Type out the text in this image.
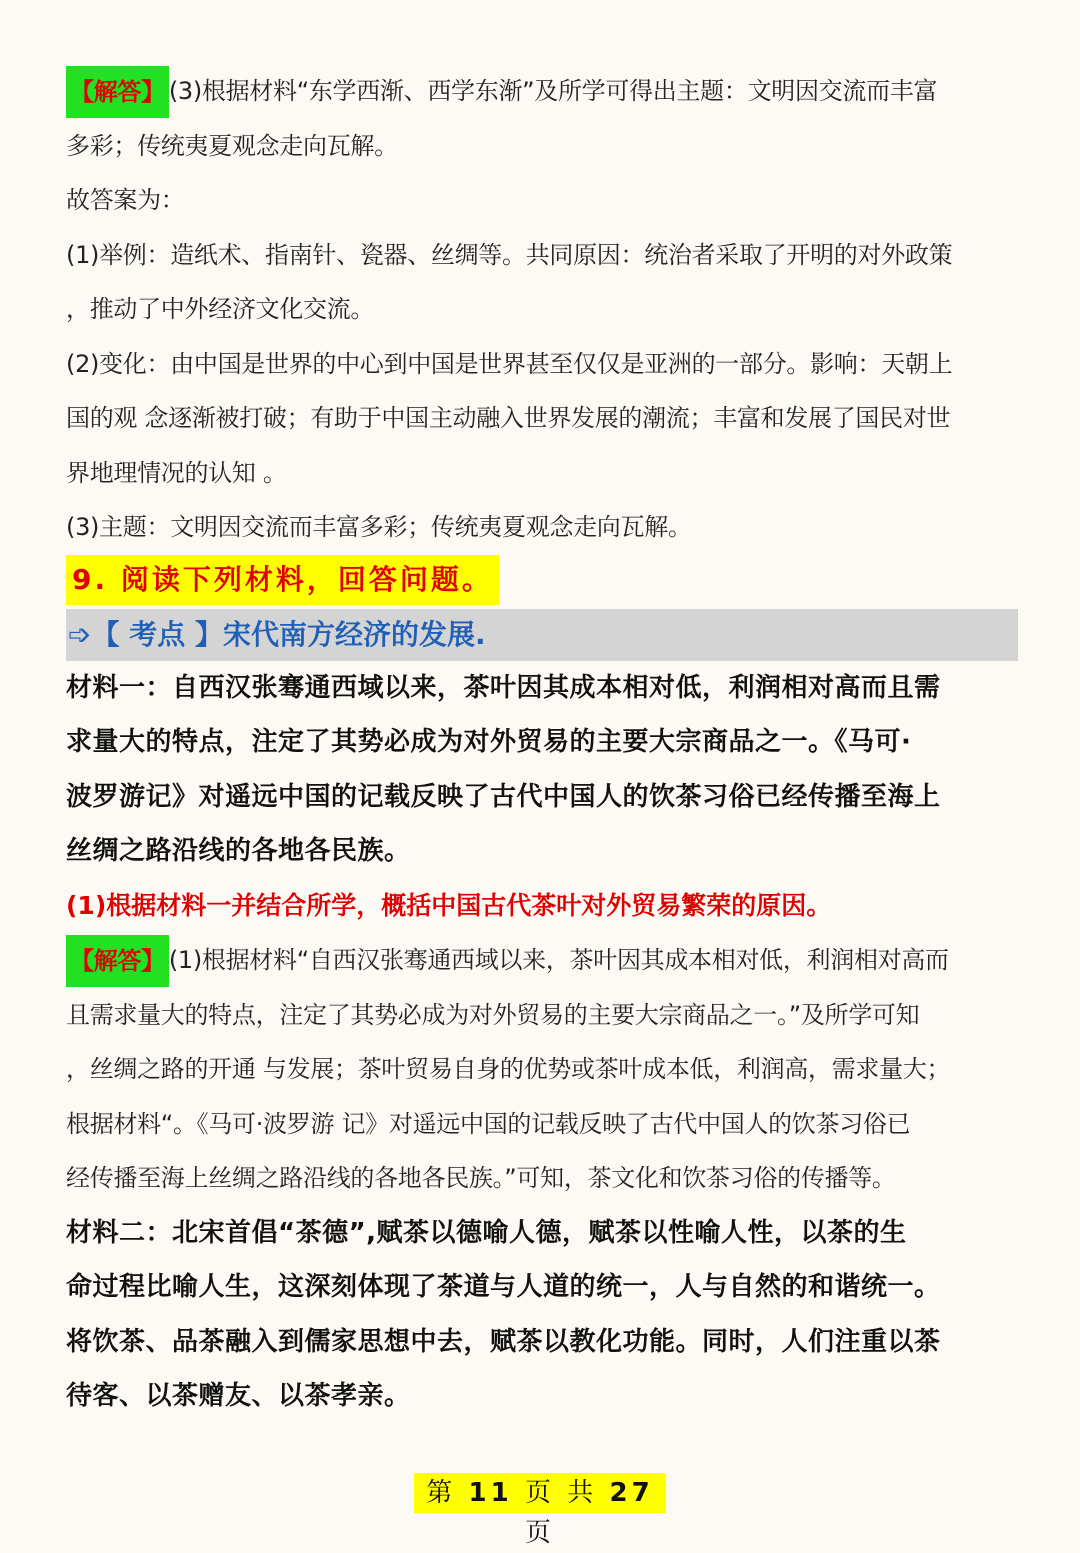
【解答】 (3)根据材料“东学西渐、西学东渐”及所学可得出主题：文明因交流而丰富
多彩；传统夷夏观念走向瓦解。
故答案为：
(1)举例：造纸术、指南针、瓷器、丝绸等。共同原因：统治者采取了开明的对外政策
，推动了中外经济文化交流。
(2)变化：由中国是世界的中心到中国是世界甚至仅仅是亚洲的一部分。影响：天朝上
国的观 念逐渐被打破；有助于中国主动融入世界发展的潮流；丰富和发展了国民对世
界地理情况的认知 。
(3)主题：文明因交流而丰富多彩；传统夷夏观念走向瓦解。
9. 阅读下列材料，回答问题。
➩【 考点 】宋代南方经济的发展.
材料一：自西汉张骞通西域以来，茶叶因其成本相对低，利润相对高而且需
求量大的特点，注定了其势必成为对外贸易的主要大宗商品之一。《马可·
波罗游记》对遥远中国的记载反映了古代中国人的饮茶习俗已经传播至海上
丝绸之路沿线的各地各民族。
(1)根据材料一并结合所学，概括中国古代茶叶对外贸易繁荣的原因。
【解答】 (1)根据材料“自西汉张骞通西域以来，茶叶因其成本相对低，利润相对高而
且需求量大的特点，注定了其势必成为对外贸易的主要大宗商品之一。”及所学可知
，丝绸之路的开通 与发展；茶叶贸易自身的优势或茶叶成本低，利润高，需求量大；
根据材料“。《马可·波罗游 记》对遥远中国的记载反映了古代中国人的饮茶习俗已
经传播至海上丝绸之路沿线的各地各民族。”可知，茶文化和饮茶习俗的传播等。
材料二：北宋首倡“茶德”,赋茶以德喻人德，赋茶以性喻人性，以茶的生
命过程比喻人生，这深刻体现了茶道与人道的统一，人与自然的和谐统一。
将饮茶、品茶融入到儒家思想中去，赋茶以教化功能。同时，人们注重以茶
待客、以茶赠友、以茶孝亲。
第 11 页 共 27 页
